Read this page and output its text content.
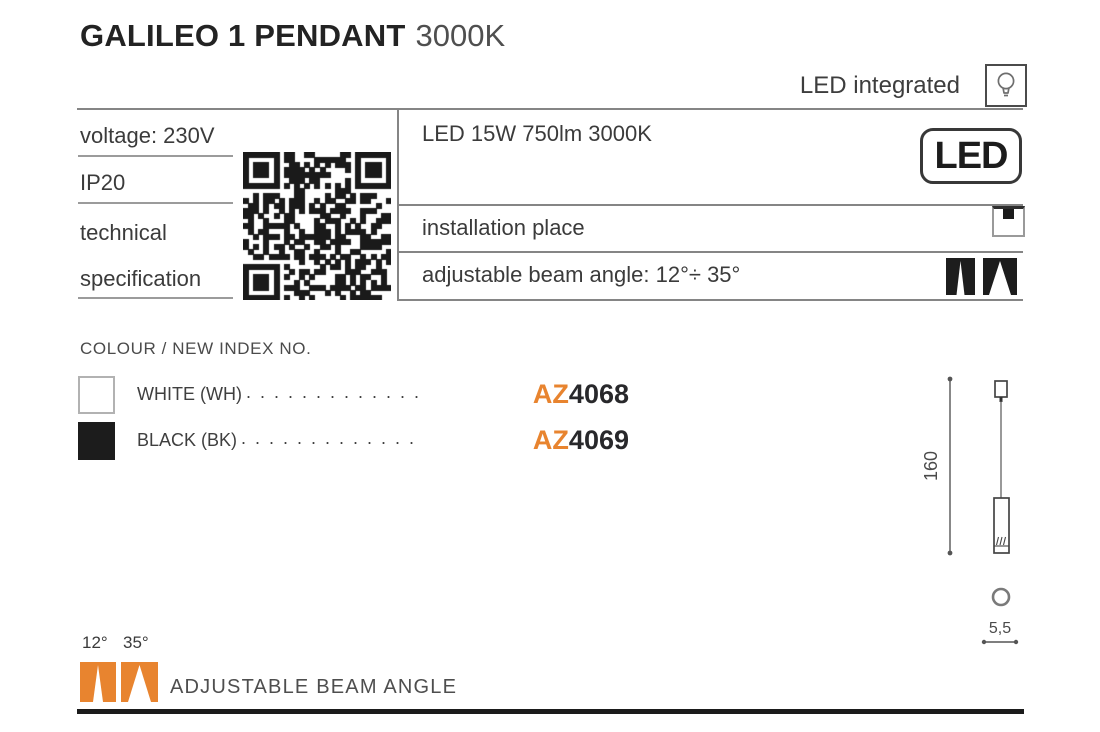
GALILEO 1 PENDANT 3000K
LED integrated
voltage: 230V
IP20
technical
specification
LED 15W 750lm 3000K
LED
installation place
adjustable beam angle: 12°÷ 35°
COLOUR / NEW INDEX NO.
WHITE (WH) . . . . . . . . . . . . .	AZ4068
BLACK (BK) . . . . . . . . . . . . .	AZ4069
160
5,5
12° 35°
ADJUSTABLE BEAM ANGLE
